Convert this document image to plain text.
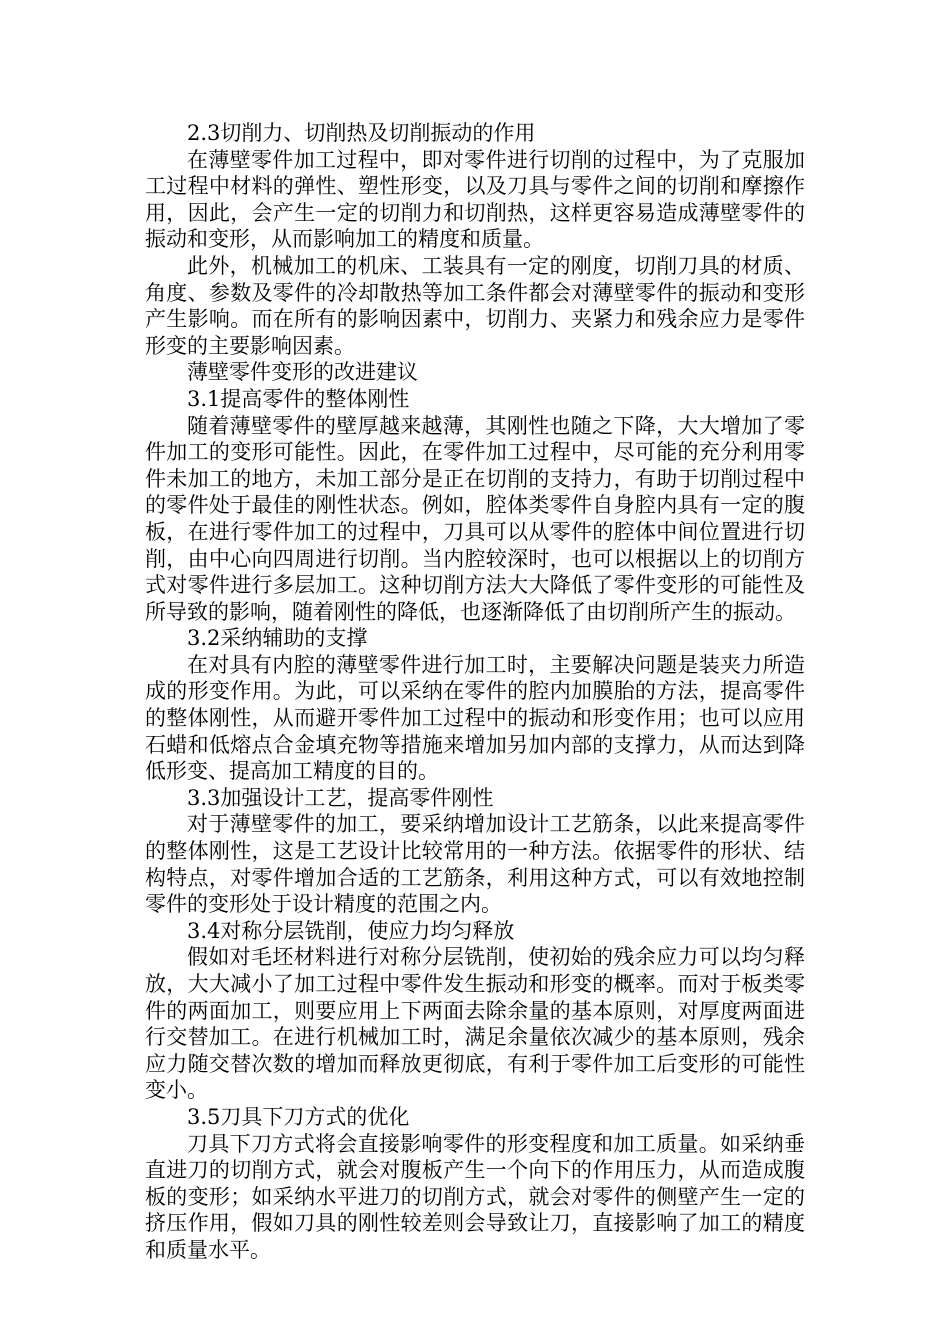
2.3切削力、切削热及切削振动的作用

在薄壁零件加工过程中，即对零件进行切削的过程中，为了克服加工过程中材料的弹性、塑性形变，以及刀具与零件之间的切削和摩擦作用，因此，会产生一定的切削力和切削热，这样更容易造成薄壁零件的振动和变形，从而影响加工的精度和质量。

此外，机械加工的机床、工装具有一定的刚度，切削刀具的材质、角度、参数及零件的冷却散热等加工条件都会对薄壁零件的振动和变形产生影响。而在所有的影响因素中，切削力、夹紧力和残余应力是零件形变的主要影响因素。

薄壁零件变形的改进建议

3.1提高零件的整体刚性

随着薄壁零件的壁厚越来越薄，其刚性也随之下降，大大增加了零件加工的变形可能性。因此，在零件加工过程中，尽可能的充分利用零件未加工的地方，未加工部分是正在切削的支持力，有助于切削过程中的零件处于最佳的刚性状态。例如，腔体类零件自身腔内具有一定的腹板，在进行零件加工的过程中，刀具可以从零件的腔体中间位置进行切削，由中心向四周进行切削。当内腔较深时，也可以根据以上的切削方式对零件进行多层加工。这种切削方法大大降低了零件变形的可能性及所导致的影响，随着刚性的降低，也逐渐降低了由切削所产生的振动。

3.2采纳辅助的支撑

在对具有内腔的薄壁零件进行加工时，主要解决问题是装夹力所造成的形变作用。为此，可以采纳在零件的腔内加膜胎的方法，提高零件的整体刚性，从而避开零件加工过程中的振动和形变作用；也可以应用石蜡和低熔点合金填充物等措施来增加另加内部的支撑力，从而达到降低形变、提高加工精度的目的。

3.3加强设计工艺，提高零件刚性

对于薄壁零件的加工，要采纳增加设计工艺筋条，以此来提高零件的整体刚性，这是工艺设计比较常用的一种方法。依据零件的形状、结构特点，对零件增加合适的工艺筋条，利用这种方式，可以有效地控制零件的变形处于设计精度的范围之内。

3.4对称分层铣削，使应力均匀释放

假如对毛坯材料进行对称分层铣削，使初始的残余应力可以均匀释放，大大减小了加工过程中零件发生振动和形变的概率。而对于板类零件的两面加工，则要应用上下两面去除余量的基本原则，对厚度两面进行交替加工。在进行机械加工时，满足余量依次减少的基本原则，残余应力随交替次数的增加而释放更彻底，有利于零件加工后变形的可能性变小。

3.5刀具下刀方式的优化

刀具下刀方式将会直接影响零件的形变程度和加工质量。如采纳垂直进刀的切削方式，就会对腹板产生一个向下的作用压力，从而造成腹板的变形；如采纳水平进刀的切削方式，就会对零件的侧壁产生一定的挤压作用，假如刀具的刚性较差则会导致让刀，直接影响了加工的精度和质量水平。
